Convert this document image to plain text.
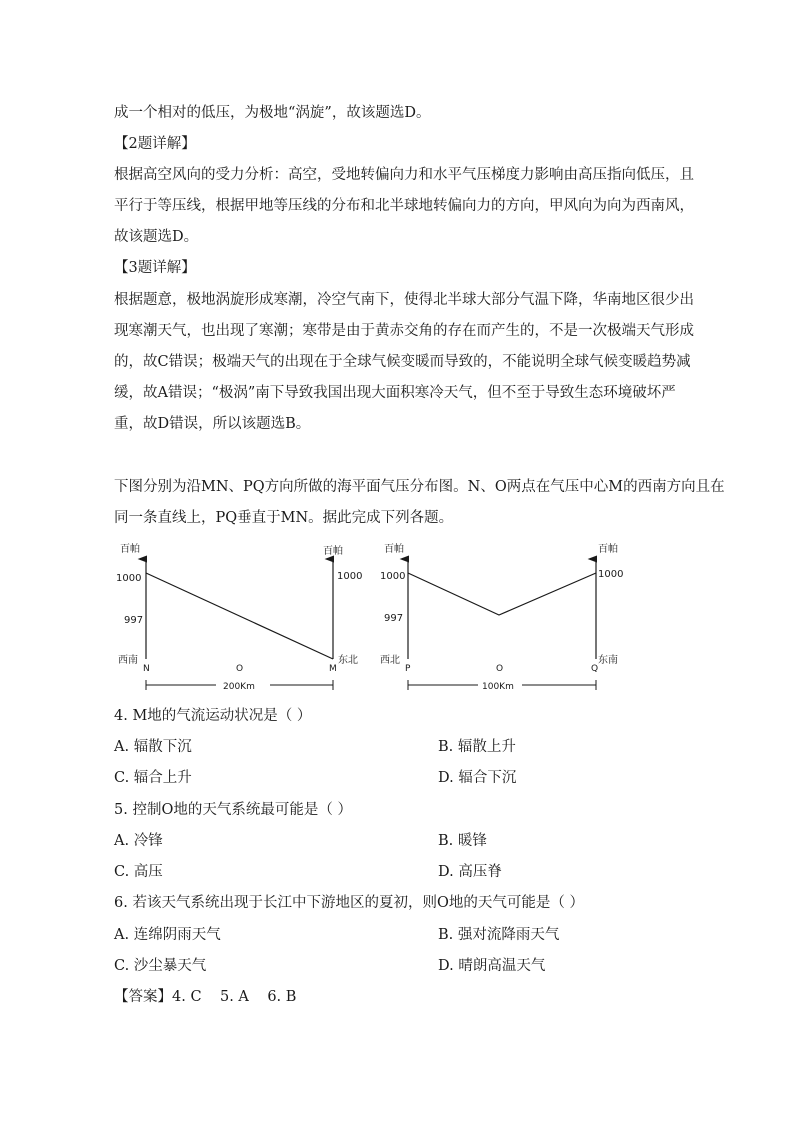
成一个相对的低压，为极地“涡旋”，故该题选D。
【2题详解】
根据高空风向的受力分析：高空，受地转偏向力和水平气压梯度力影响由高压指向低压，且
平行于等压线，根据甲地等压线的分布和北半球地转偏向力的方向，甲风向为向为西南风，
故该题选D。
【3题详解】
根据题意，极地涡旋形成寒潮，冷空气南下，使得北半球大部分气温下降，华南地区很少出
现寒潮天气，也出现了寒潮；寒带是由于黄赤交角的存在而产生的，不是一次极端天气形成
的，故C错误；极端天气的出现在于全球气候变暖而导致的，不能说明全球气候变暖趋势减
缓，故A错误；“极涡”南下导致我国出现大面积寒冷天气，但不至于导致生态环境破坏严
重，故D错误，所以该题选B。
下图分别为沿MN、PQ方向所做的海平面气压分布图。N、O两点在气压中心M的西南方向且在
同一条直线上，PQ垂直于MN。据此完成下列各题。
百帕	百帕
1000
997
1000
西南	东北
N	O	M
200Km
百帕	百帕
1000
997
1000
西北	东南
P	O	Q
100Km
4. M地的气流运动状况是（ ）
A. 辐散下沉	B. 辐散上升
C. 辐合上升	D. 辐合下沉
5. 控制O地的天气系统最可能是（ ）
A. 冷锋	B. 暖锋
C. 高压	D. 高压脊
6. 若该天气系统出现于长江中下游地区的夏初，则O地的天气可能是（ ）
A. 连绵阴雨天气	B. 强对流降雨天气
C. 沙尘暴天气	D. 晴朗高温天气
【答案】4. C    5. A    6. B
